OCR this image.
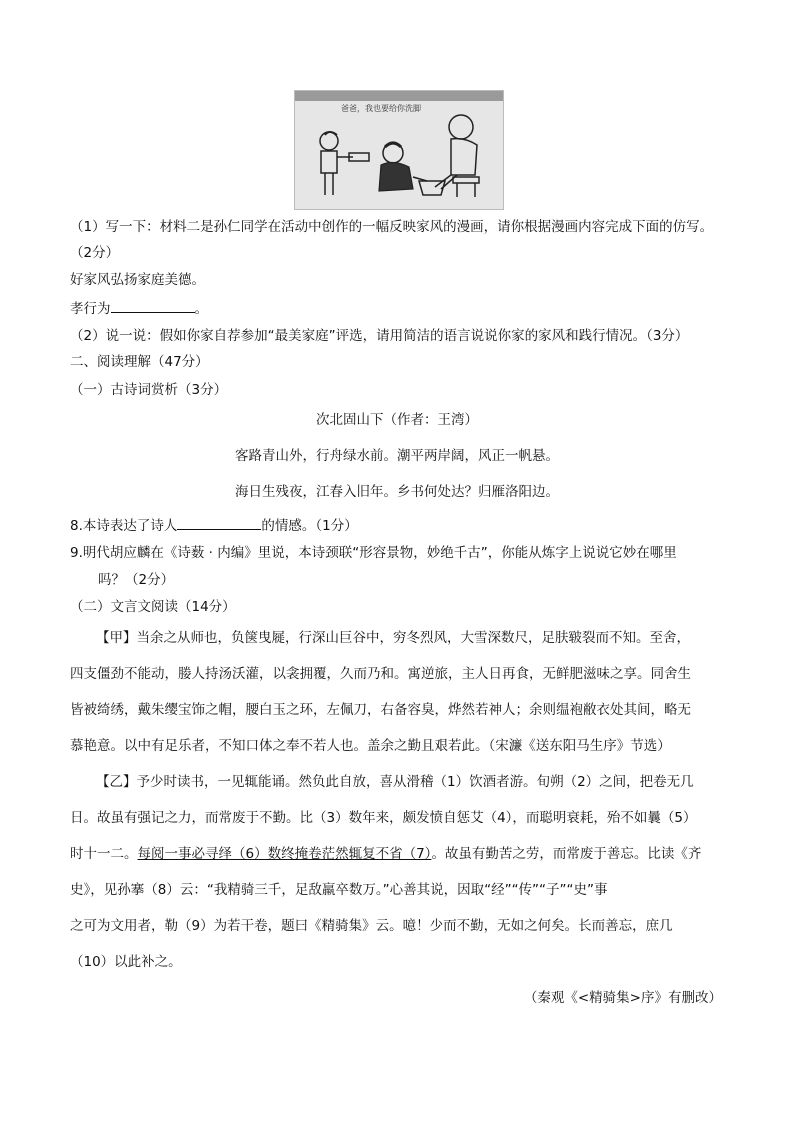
爸爸，我也要给你洗脚
（1）写一下：材料二是孙仁同学在活动中创作的一幅反映家风的漫画，请你根据漫画内容完成下面的仿写。
（2分）
好家风弘扬家庭美德。
孝行为	。
（2）说一说：假如你家自荐参加“最美家庭”评选，请用简洁的语言说说你家的家风和践行情况。（3分）
二、阅读理解（47分）
（一）古诗词赏析（3分）
次北固山下（作者：王湾）
客路青山外，行舟绿水前。潮平两岸阔，风正一帆悬。
海日生残夜，江春入旧年。乡书何处达？归雁洛阳边。
8.本诗表达了诗人	的情感。（1分）
9.明代胡应麟在《诗薮 · 内编》里说，本诗颈联“形容景物，妙绝千古”，你能从炼字上说说它妙在哪里
吗？（2分）
（二）文言文阅读（14分）
【甲】当余之从师也，负箧曳屣，行深山巨谷中，穷冬烈风，大雪深数尺，足肤皲裂而不知。至舍，
四支僵劲不能动，媵人持汤沃灌，以衾拥覆，久而乃和。寓逆旅，主人日再食，无鲜肥滋味之享。同舍生
皆被绮绣，戴朱缨宝饰之帽，腰白玉之环，左佩刀，右备容臭，烨然若神人；余则缊袍敝衣处其间，略无
慕艳意。以中有足乐者，不知口体之奉不若人也。盖余之勤且艰若此。（宋濂《送东阳马生序》节选）
【乙】予少时读书，一见辄能诵。然负此自放，喜从滑稽（1）饮酒者游。旬朔（2）之间，把卷无几
日。故虽有强记之力，而常废于不勤。比（3）数年来，颇发愤自惩艾（4），而聪明衰耗，殆不如曩（5）
时十一二。每阅一事必寻绎（6）数终掩卷茫然辄复不省（7）。故虽有勤苦之劳，而常废于善忘。比读《齐
史》，见孙搴（8）云：“我精骑三千，足敌羸卒数万。”心善其说，因取“经”“传”“子”“史”事
之可为文用者，勒（9）为若干卷，题曰《精骑集》云。噫！少而不勤，无如之何矣。长而善忘，庶几
（10）以此补之。
（秦观《<精骑集>序》有删改）
